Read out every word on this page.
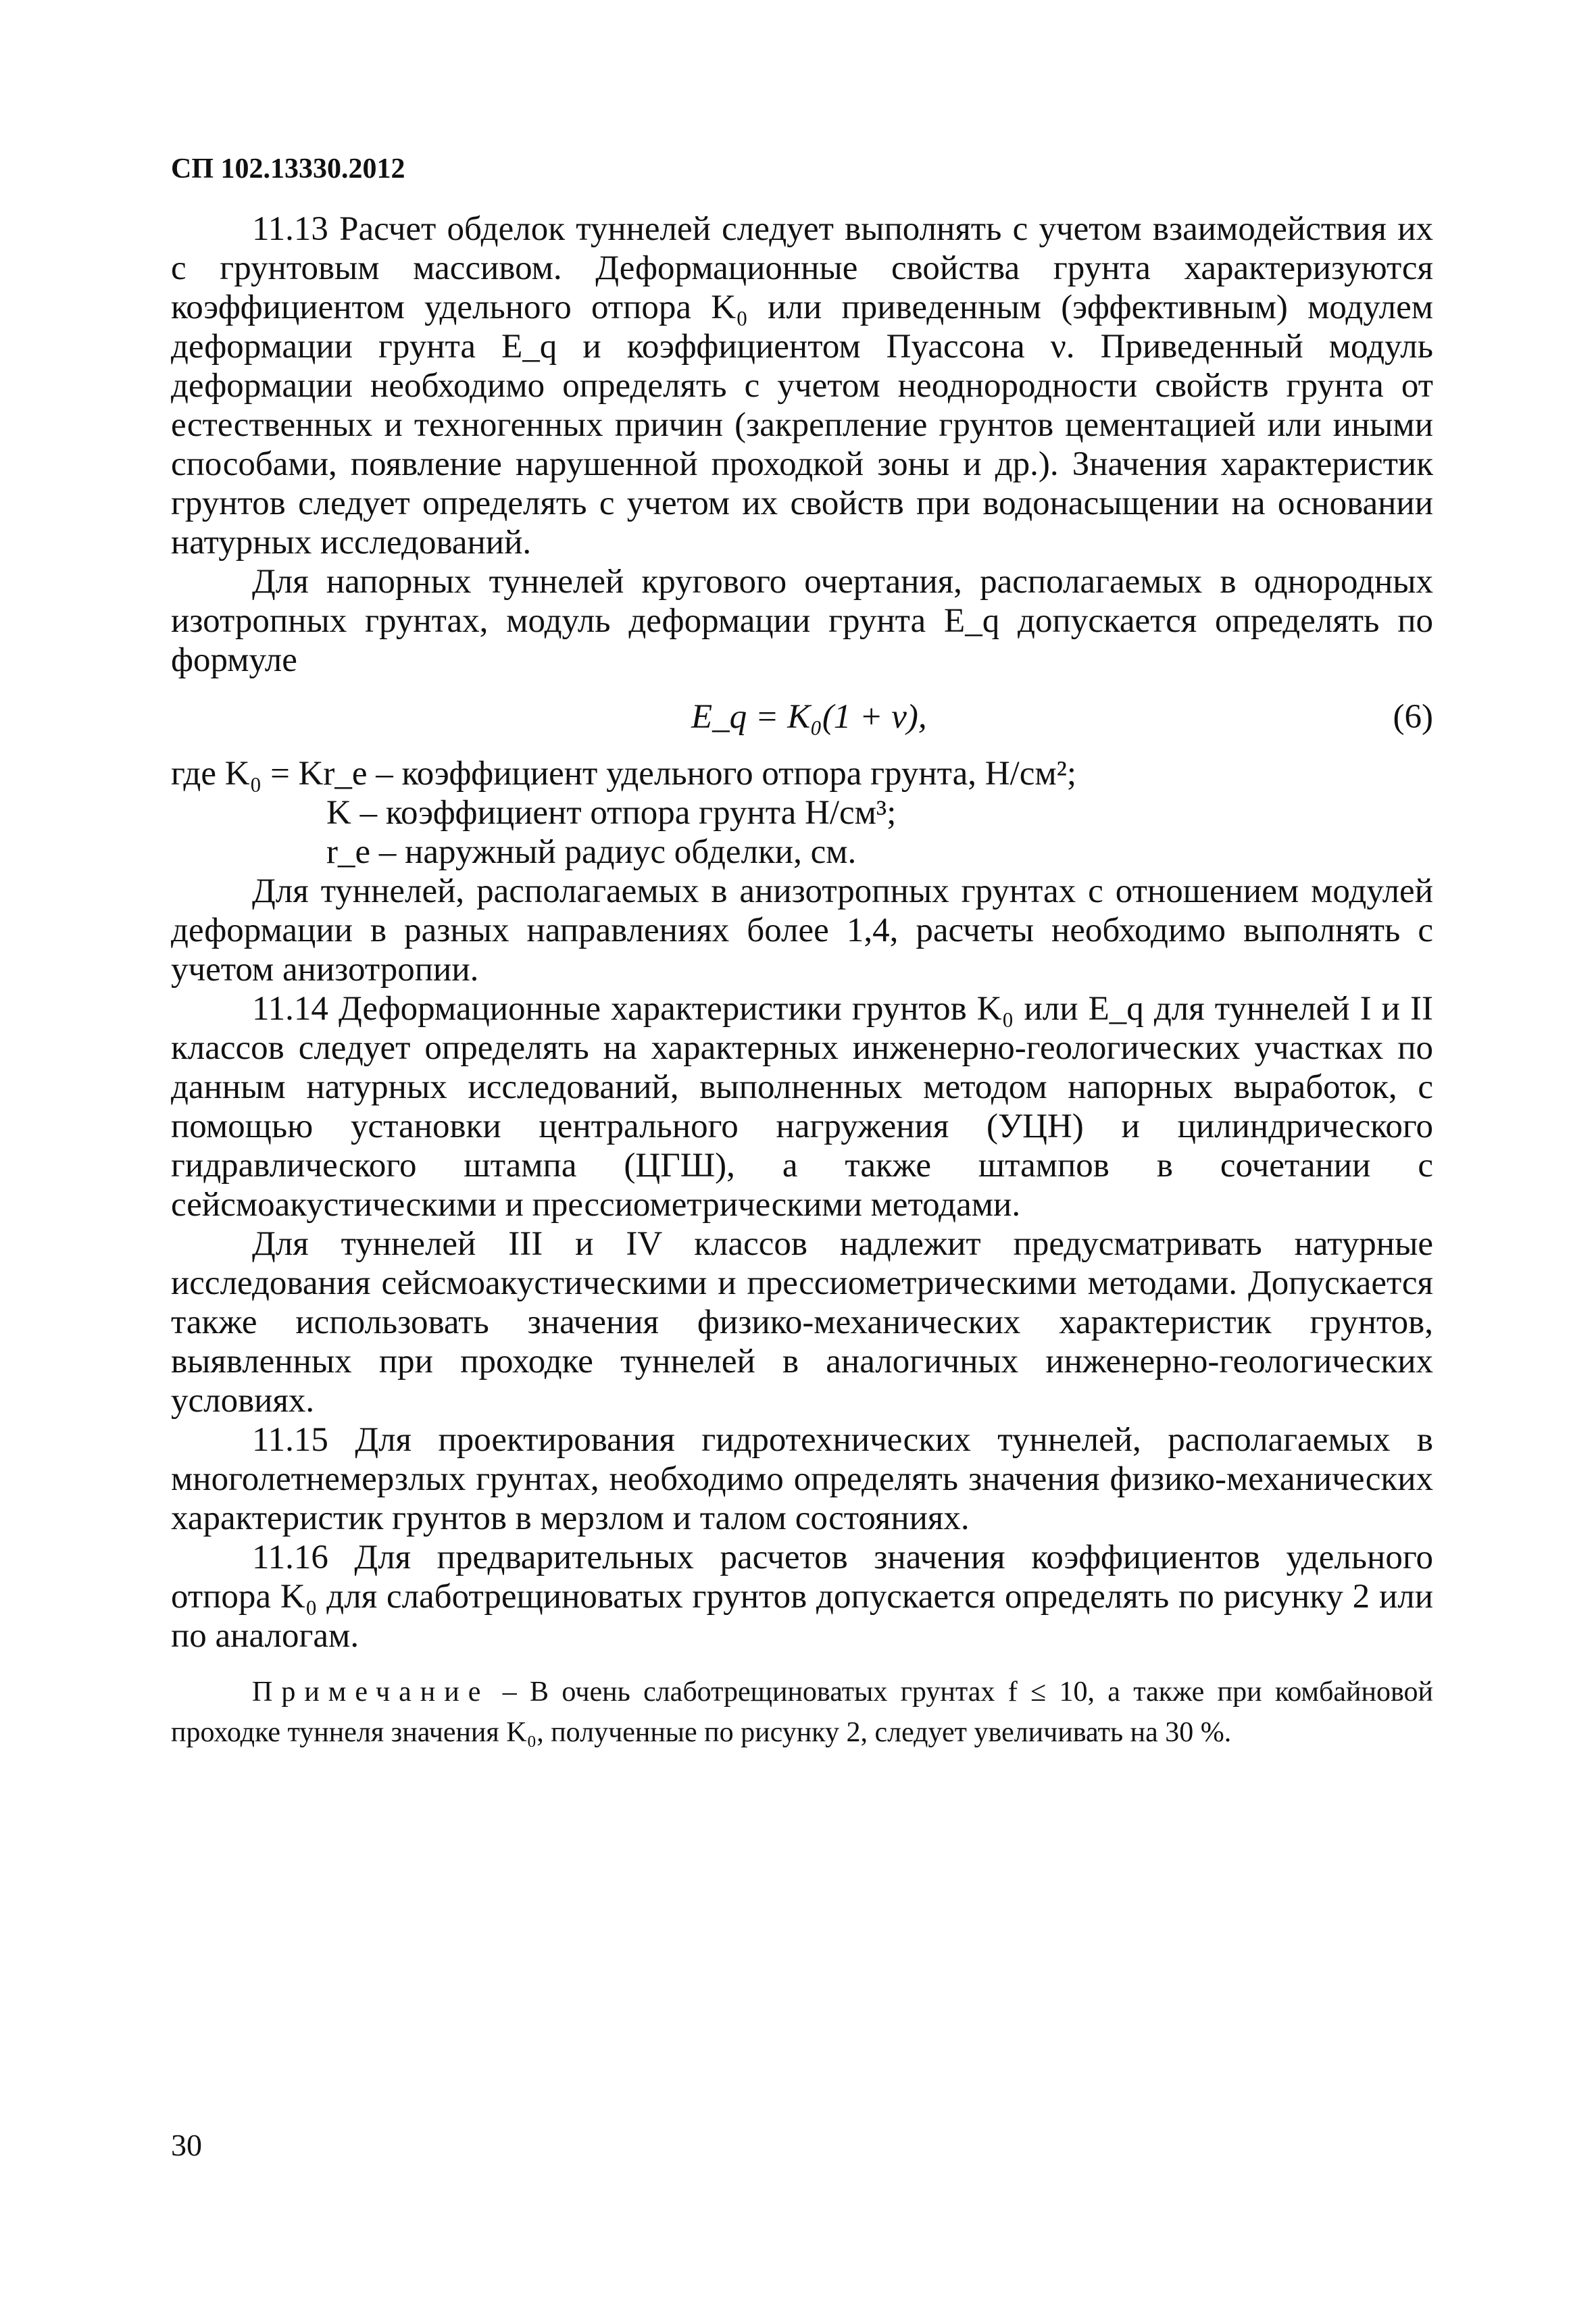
СП 102.13330.2012

11.13 Расчет обделок туннелей следует выполнять с учетом взаимодействия их с грунтовым массивом. Деформационные свойства грунта характеризуются коэффициентом удельного отпора K₀ или приведенным (эффективным) модулем деформации грунта E_q и коэффициентом Пуассона ν. Приведенный модуль деформации необходимо определять с учетом неоднородности свойств грунта от естественных и техногенных причин (закрепление грунтов цементацией или иными способами, появление нарушенной проходкой зоны и др.). Значения характеристик грунтов следует определять с учетом их свойств при водонасыщении на основании натурных исследований.

Для напорных туннелей кругового очертания, располагаемых в однородных изотропных грунтах, модуль деформации грунта E_q допускается определять по формуле

E_q = K₀(1 + ν),	(6)
где K₀ = Kr_e – коэффициент удельного отпора грунта, Н/см²;
K – коэффициент отпора грунта Н/см³;
r_e – наружный радиус обделки, см.

Для туннелей, располагаемых в анизотропных грунтах с отношением модулей деформации в разных направлениях более 1,4, расчеты необходимо выполнять с учетом анизотропии.

11.14 Деформационные характеристики грунтов K₀ или E_q для туннелей I и II классов следует определять на характерных инженерно-геологических участках по данным натурных исследований, выполненных методом напорных выработок, с помощью установки центрального нагружения (УЦН) и цилиндрического гидравлического штампа (ЦГШ), а также штампов в сочетании с сейсмоакустическими и прессиометрическими методами.

Для туннелей III и IV классов надлежит предусматривать натурные исследования сейсмоакустическими и прессиометрическими методами. Допускается также использовать значения физико-механических характеристик грунтов, выявленных при проходке туннелей в аналогичных инженерно-геологических условиях.

11.15 Для проектирования гидротехнических туннелей, располагаемых в многолетнемерзлых грунтах, необходимо определять значения физико-механических характеристик грунтов в мерзлом и талом состояниях.

11.16 Для предварительных расчетов значения коэффициентов удельного отпора K₀ для слаботрещиноватых грунтов допускается определять по рисунку 2 или по аналогам.

Примечание – В очень слаботрещиноватых грунтах f ≤ 10, а также при комбайновой проходке туннеля значения K₀, полученные по рисунку 2, следует увеличивать на 30 %.

30
